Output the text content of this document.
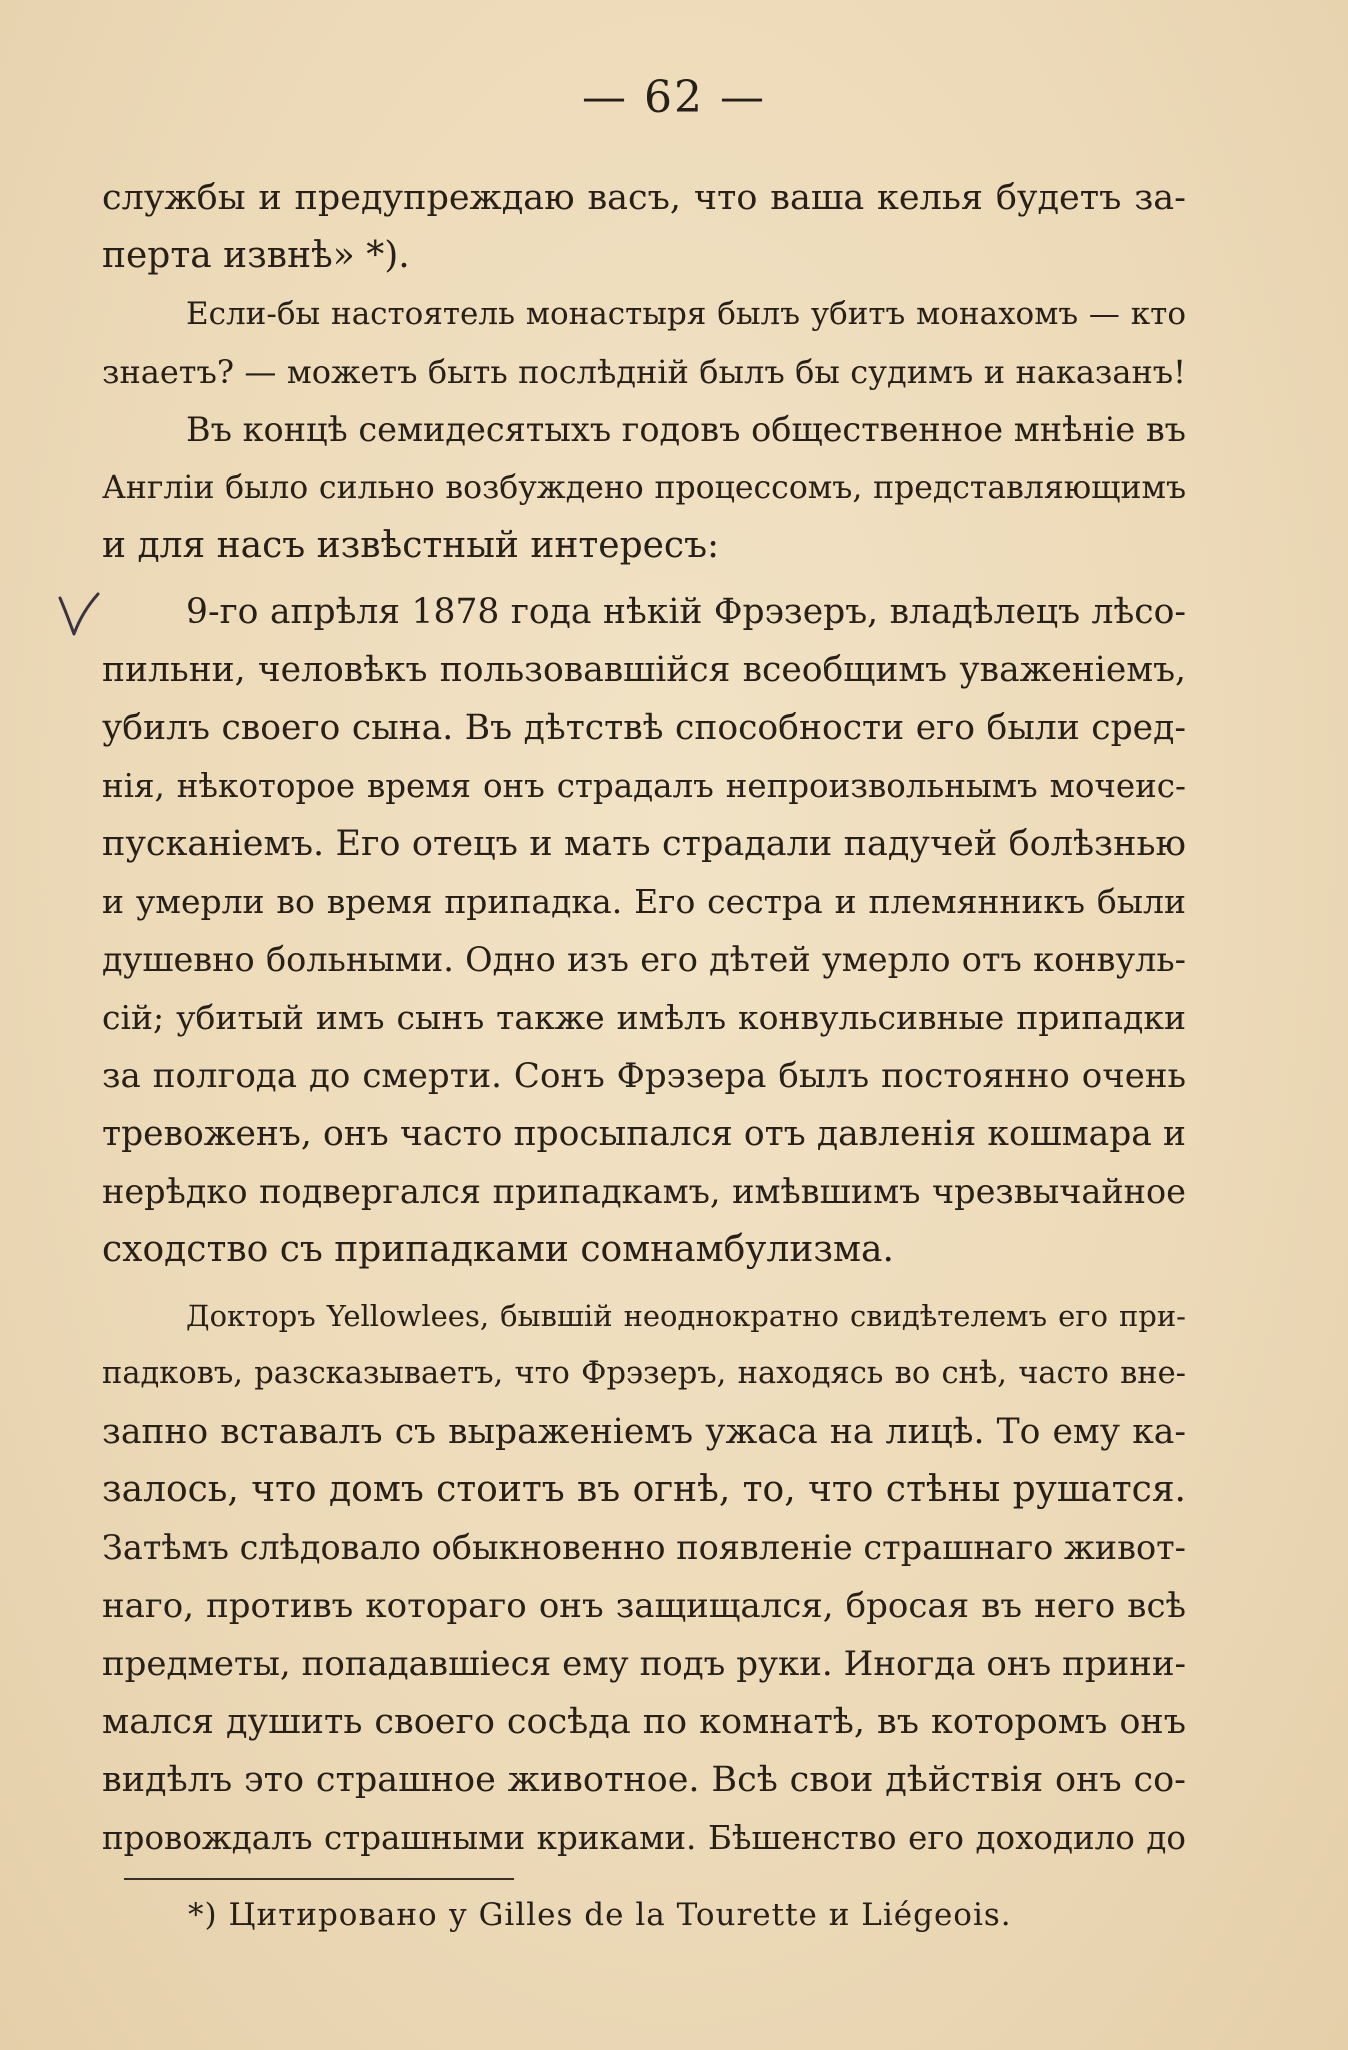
— 62 —
службы и предупреждаю васъ, что ваша келья будетъ за-
перта извнѣ» *).
Если-бы настоятель монастыря былъ убитъ монахомъ — кто
знаетъ? — можетъ быть послѣдній былъ бы судимъ и наказанъ!
Въ концѣ семидесятыхъ годовъ общественное мнѣніе въ
Англіи было сильно возбуждено процессомъ, представляющимъ
и для насъ извѣстный интересъ:
9-го апрѣля 1878 года нѣкій Фрэзеръ, владѣлецъ лѣсо-
пильни, человѣкъ пользовавшійся всеобщимъ уваженіемъ,
убилъ своего сына. Въ дѣтствѣ способности его были сред-
нія, нѣкоторое время онъ страдалъ непроизвольнымъ мочеис-
пусканіемъ. Его отецъ и мать страдали падучей болѣзнью
и умерли во время припадка. Его сестра и племянникъ были
душевно больными. Одно изъ его дѣтей умерло отъ конвуль-
сій; убитый имъ сынъ также имѣлъ конвульсивные припадки
за полгода до смерти. Сонъ Фрэзера былъ постоянно очень
тревоженъ, онъ часто просыпался отъ давленія кошмара и
нерѣдко подвергался припадкамъ, имѣвшимъ чрезвычайное
сходство съ припадками сомнамбулизма.
Докторъ Yellowlees, бывшій неоднократно свидѣтелемъ его при-
падковъ, разсказываетъ, что Фрэзеръ, находясь во снѣ, часто вне-
запно вставалъ съ выраженіемъ ужаса на лицѣ. То ему ка-
залось, что домъ стоитъ въ огнѣ, то, что стѣны рушатся.
Затѣмъ слѣдовало обыкновенно появленіе страшнаго живот-
наго, противъ котораго онъ защищался, бросая въ него всѣ
предметы, попадавшіеся ему подъ руки. Иногда онъ прини-
мался душить своего сосѣда по комнатѣ, въ которомъ онъ
видѣлъ это страшное животное. Всѣ свои дѣйствія онъ со-
провождалъ страшными криками. Бѣшенство его доходило до
*) Цитировано у Gilles de la Tourette и Liégeois.
